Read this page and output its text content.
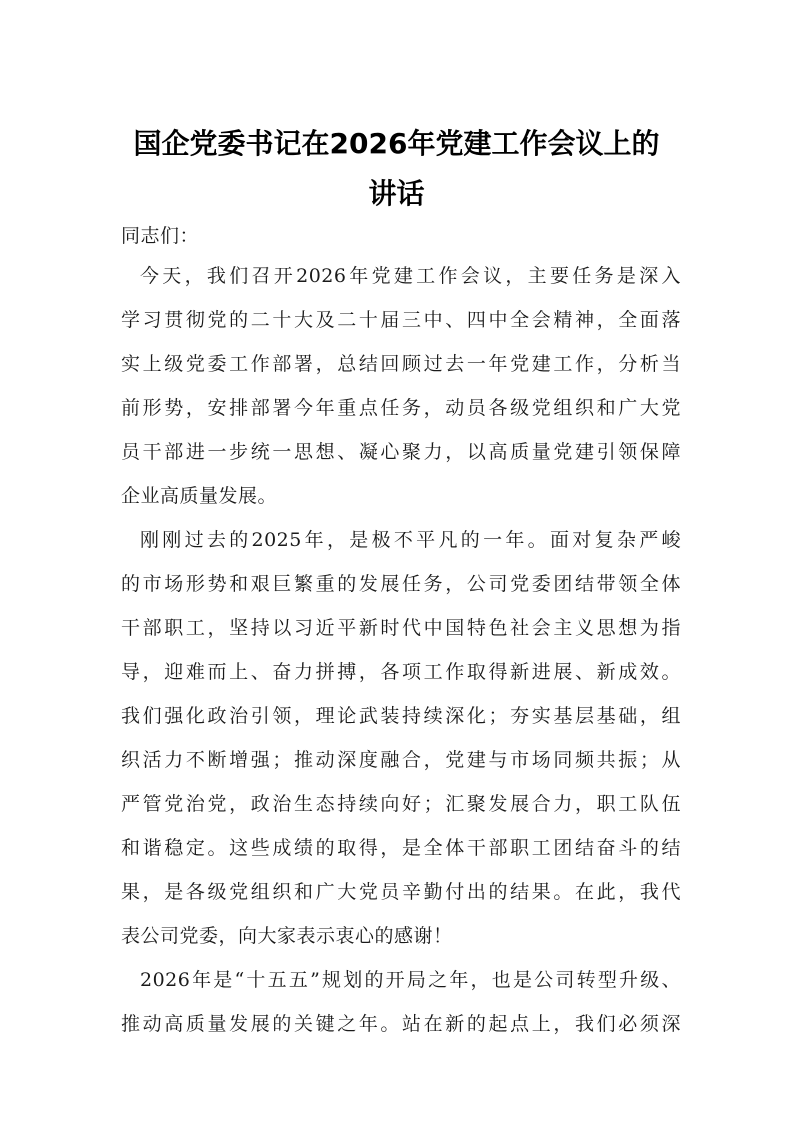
国企党委书记在2026年党建工作会议上的
讲话
同志们：
今天，我们召开2026年党建工作会议，主要任务是深入
学习贯彻党的二十大及二十届三中、四中全会精神，全面落
实上级党委工作部署，总结回顾过去一年党建工作，分析当
前形势，安排部署今年重点任务，动员各级党组织和广大党
员干部进一步统一思想、凝心聚力，以高质量党建引领保障
企业高质量发展。
刚刚过去的2025年，是极不平凡的一年。面对复杂严峻
的市场形势和艰巨繁重的发展任务，公司党委团结带领全体
干部职工，坚持以习近平新时代中国特色社会主义思想为指
导，迎难而上、奋力拼搏，各项工作取得新进展、新成效。
我们强化政治引领，理论武装持续深化；夯实基层基础，组
织活力不断增强；推动深度融合，党建与市场同频共振；从
严管党治党，政治生态持续向好；汇聚发展合力，职工队伍
和谐稳定。这些成绩的取得，是全体干部职工团结奋斗的结
果，是各级党组织和广大党员辛勤付出的结果。在此，我代
表公司党委，向大家表示衷心的感谢！
2026年是“十五五”规划的开局之年，也是公司转型升级、
推动高质量发展的关键之年。站在新的起点上，我们必须深
